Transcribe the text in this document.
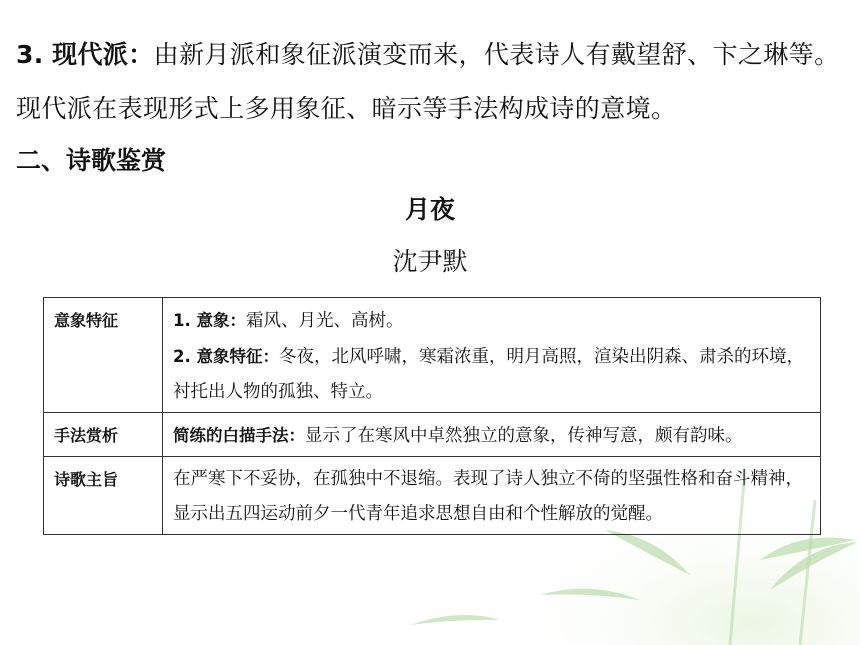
3. 现代派：由新月派和象征派演变而来，代表诗人有戴望舒、卞之琳等。现代派在表现形式上多用象征、暗示等手法构成诗的意境。
二、诗歌鉴赏
月夜
沈尹默
意象特征	1. 意象：霜风、月光、高树。
2. 意象特征：冬夜，北风呼啸，寒霜浓重，明月高照，渲染出阴森、肃杀的环境，衬托出人物的孤独、特立。

手法赏析	简练的白描手法：显示了在寒风中卓然独立的意象，传神写意，颇有韵味。

诗歌主旨	在严寒下不妥协，在孤独中不退缩。表现了诗人独立不倚的坚强性格和奋斗精神，显示出五四运动前夕一代青年追求思想自由和个性解放的觉醒。
